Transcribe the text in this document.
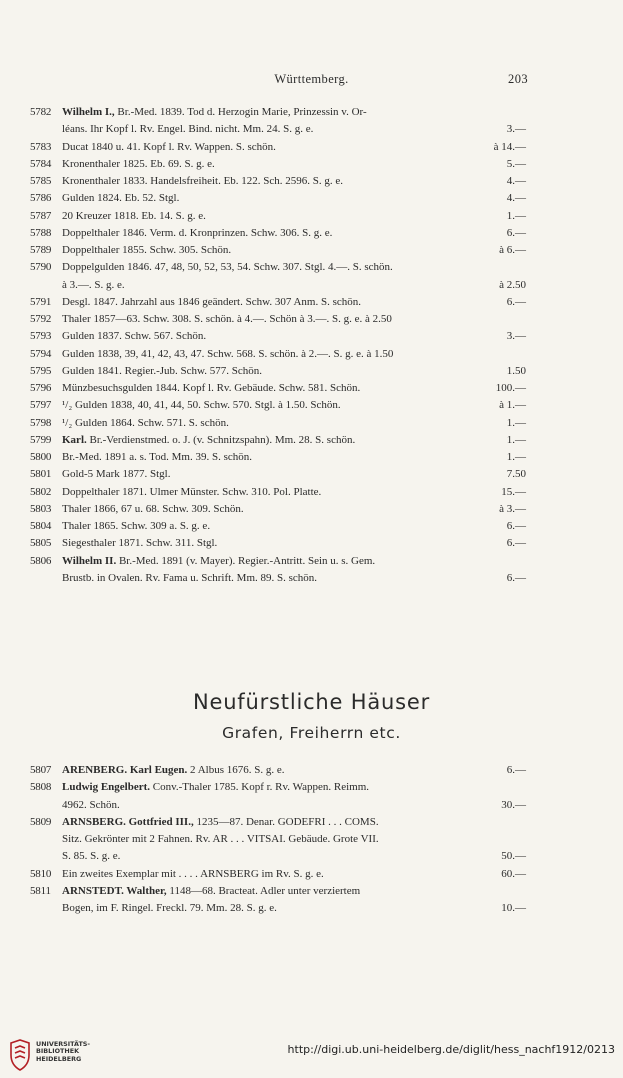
Württemberg.	203
5782 Wilhelm I., Br.-Med. 1839. Tod d. Herzogin Marie, Prinzessin v. Or-
léans. Ihr Kopf l. Rv. Engel. Bind. nicht. Mm. 24. S. g. e.	3.—
5783 Ducat 1840 u. 41. Kopf l. Rv. Wappen. S. schön.	à 14.—
5784 Kronenthaler 1825. Eb. 69. S. g. e.	5.—
5785 Kronenthaler 1833. Handelsfreiheit. Eb. 122. Sch. 2596. S. g. e.	4.—
5786 Gulden 1824. Eb. 52. Stgl.	4.—
5787 20 Kreuzer 1818. Eb. 14. S. g. e.	1.—
5788 Doppelthaler 1846. Verm. d. Kronprinzen. Schw. 306. S. g. e.	6.—
5789 Doppelthaler 1855. Schw. 305. Schön.	à 6.—
5790 Doppelgulden 1846. 47, 48, 50, 52, 53, 54. Schw. 307. Stgl. 4.—. S. schön.
à 3.—. S. g. e.	à 2.50
5791 Desgl. 1847. Jahrzahl aus 1846 geändert. Schw. 307 Anm. S. schön.	6.—
5792 Thaler 1857—63. Schw. 308. S. schön. à 4.—. Schön à 3.—. S. g. e. à 2.50
5793 Gulden 1837. Schw. 567. Schön.	3.—
5794 Gulden 1838, 39, 41, 42, 43, 47. Schw. 568. S. schön. à 2.—. S. g. e. à 1.50
5795 Gulden 1841. Regier.-Jub. Schw. 577. Schön.	1.50
5796 Münzbesuchsgulden 1844. Kopf l. Rv. Gebäude. Schw. 581. Schön.	100.—
5797 ¹/₂ Gulden 1838, 40, 41, 44, 50. Schw. 570. Stgl. à 1.50. Schön.	à 1.—
5798 ¹/₂ Gulden 1864. Schw. 571. S. schön.	1.—
5799 Karl. Br.-Verdienstmed. o. J. (v. Schnitzspahn). Mm. 28. S. schön.	1.—
5800 Br.-Med. 1891 a. s. Tod. Mm. 39. S. schön.	1.—
5801 Gold-5 Mark 1877. Stgl.	7.50
5802 Doppelthaler 1871. Ulmer Münster. Schw. 310. Pol. Platte.	15.—
5803 Thaler 1866, 67 u. 68. Schw. 309. Schön.	à 3.—
5804 Thaler 1865. Schw. 309 a. S. g. e.	6.—
5805 Siegesthaler 1871. Schw. 311. Stgl.	6.—
5806 Wilhelm II. Br.-Med. 1891 (v. Mayer). Regier.-Antritt. Sein u. s. Gem.
Brustb. in Ovalen. Rv. Fama u. Schrift. Mm. 89. S. schön.	6.—
Neufürstliche Häuser
Grafen, Freiherrn etc.
5807 ARENBERG. Karl Eugen. 2 Albus 1676. S. g. e.	6.—
5808 Ludwig Engelbert. Conv.-Thaler 1785. Kopf r. Rv. Wappen. Reimm.
4962. Schön.	30.—
5809 ARNSBERG. Gottfried III., 1235—87. Denar. GODEFRI . . . COMS.
Sitz. Gekrönter mit 2 Fahnen. Rv. AR . . . VITSAI. Gebäude. Grote VII.
S. 85. S. g. e.	50.—
5810 Ein zweites Exemplar mit . . . . ARNSBERG im Rv. S. g. e.	60.—
5811	ARNSTEDT. Walther, 1148—68. Bracteat. Adler unter verziertem
Bogen, im F. Ringel. Freckl. 79. Mm. 28. S. g. e.	10.—
UNIVERSITÄTS-
BIBLIOTHEK
HEIDELBERG
http://digi.ub.uni-heidelberg.de/diglit/hess_nachf1912/0213
